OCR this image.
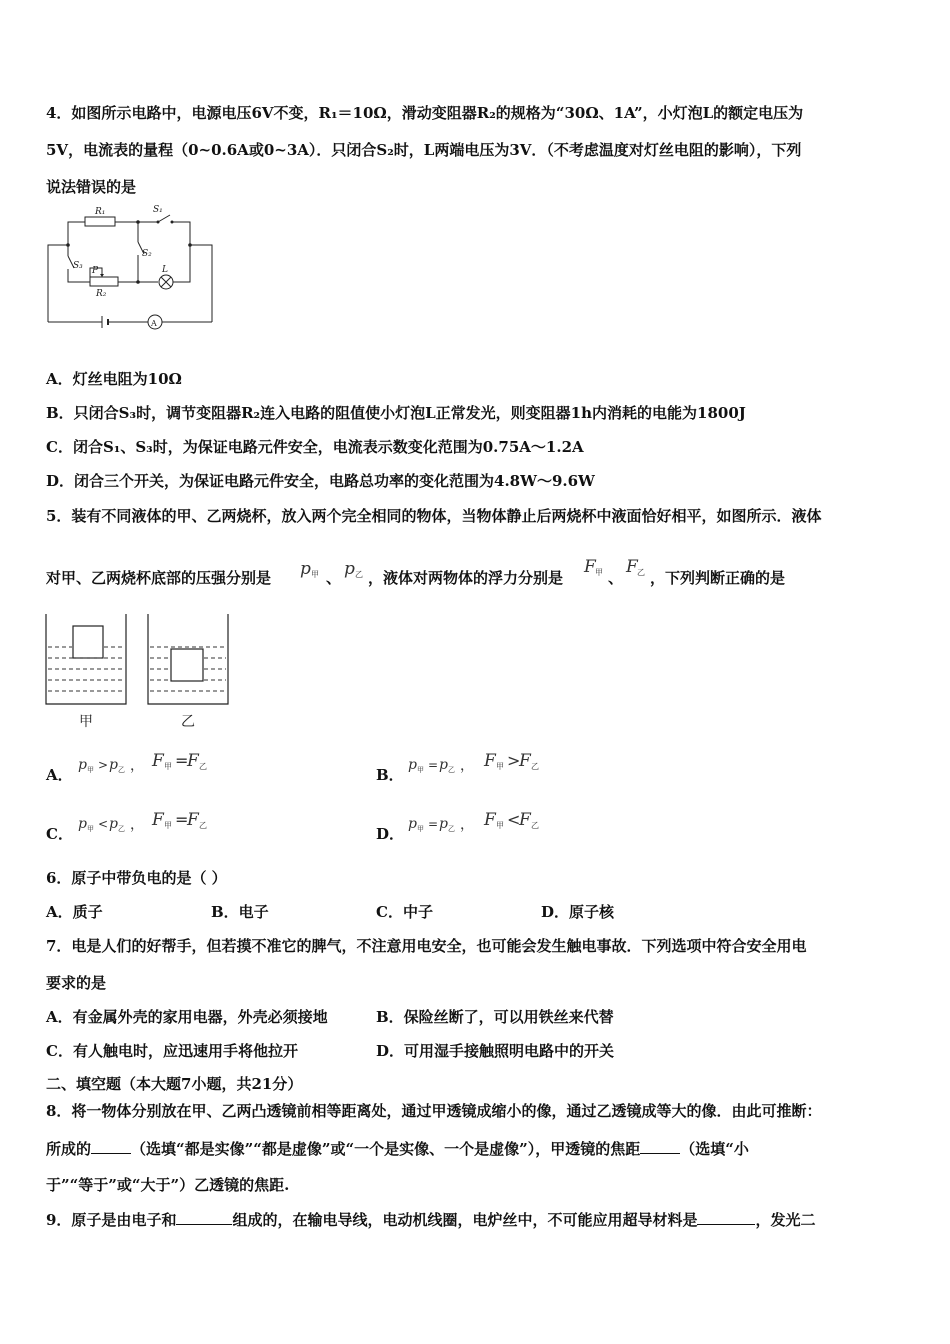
4．如图所示电路中，电源电压6V不变，R₁＝10Ω，滑动变阻器R₂的规格为“30Ω、1A”，小灯泡L的额定电压为
5V，电流表的量程（0~0.6A或0~3A）．只闭合S₂时，L两端电压为3V．（不考虑温度对灯丝电阻的影响），下列
说法错误的是
R₁	S₁
S₂
S₃ P
R₂
L
A
A．灯丝电阻为10Ω
B．只闭合S₃时，调节变阻器R₂连入电路的阻值使小灯泡L正常发光，则变阻器1h内消耗的电能为1800J
C．闭合S₁、S₃时，为保证电路元件安全，电流表示数变化范围为0.75A～1.2A
D．闭合三个开关，为保证电路元件安全，电路总功率的变化范围为4.8W～9.6W
5．装有不同液体的甲、乙两烧杯，放入两个完全相同的物体，当物体静止后两烧杯中液面恰好相平，如图所示．液体
对甲、乙两烧杯底部的压强分别是 p 甲 、 p 乙 ，液体对两物体的浮力分别是
F 甲 、
F 乙 ，下列判断正确的是
甲	乙
A．
p 甲 > p 乙 ， F 甲 =
F 乙	B．
p 甲 = p 乙 ， F 甲 >
F 乙
C．
p 甲 < p 乙 ， F 甲 =
F 乙	D．
p 甲 = p 乙 ， F 甲 <
F 乙
6．原子中带负电的是（ ）
A．质子	B．电子	C．中子	D．原子核
7．电是人们的好帮手，但若摸不准它的脾气，不注意用电安全，也可能会发生触电事故．下列选项中符合安全用电
要求的是
A．有金属外壳的家用电器，外壳必须接地	B．保险丝断了，可以用铁丝来代替
C．有人触电时，应迅速用手将他拉开	D．可用湿手接触照明电路中的开关
二、填空题（本大题7小题，共21分）
8．将一物体分别放在甲、乙两凸透镜前相等距离处，通过甲透镜成缩小的像，通过乙透镜成等大的像．由此可推断：
所成的	（选填“都是实像”“都是虚像”或“一个是实像、一个是虚像”），甲透镜的焦距	（选填“小
于”“等于”或“大于”）乙透镜的焦距.
9．原子是由电子和	组成的，在输电导线，电动机线圈，电炉丝中，不可能应用超导材料是	，发光二
